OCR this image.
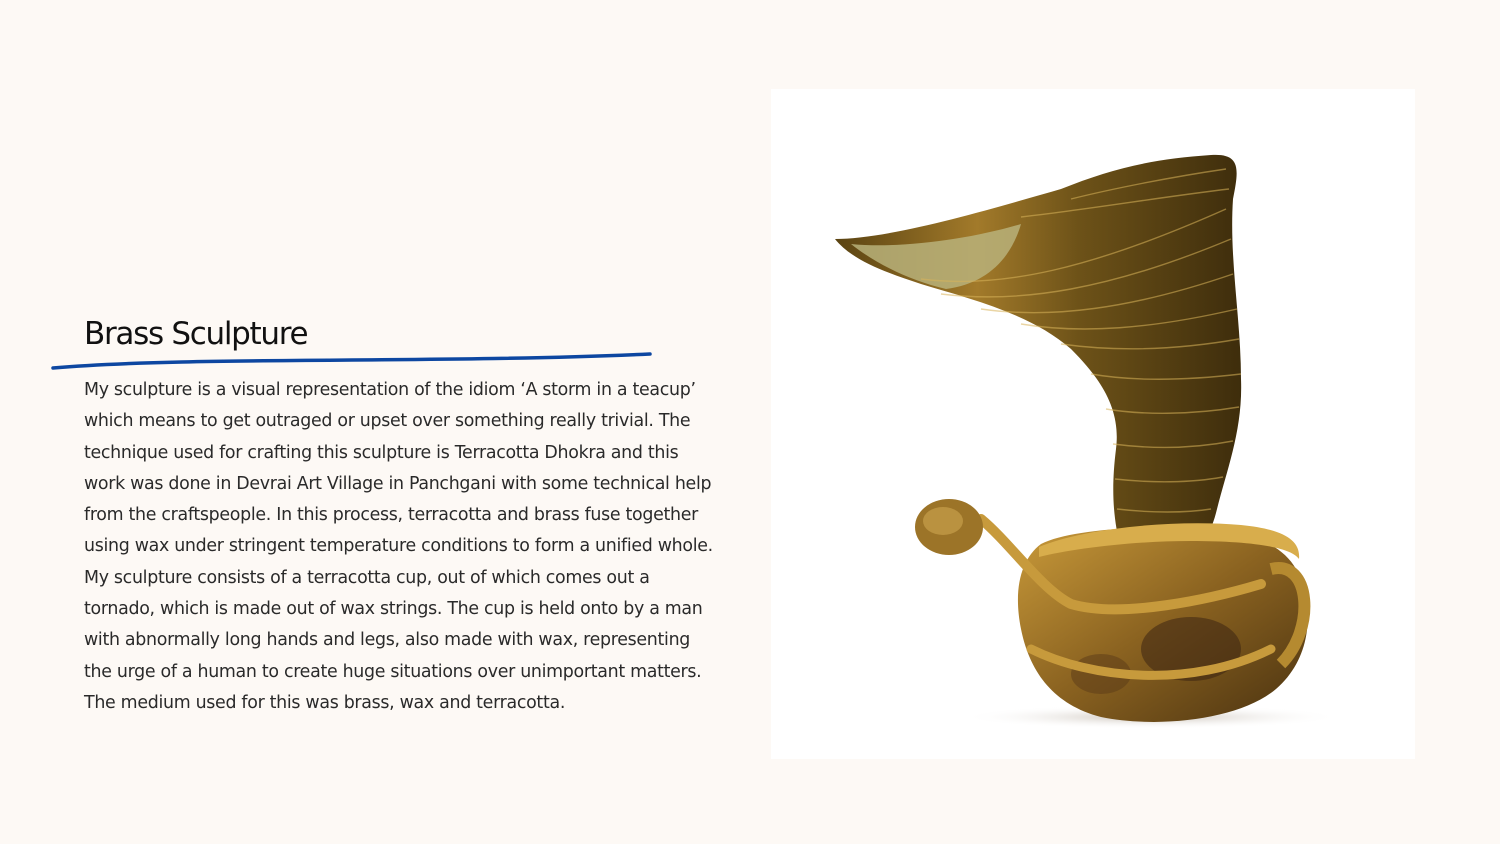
Brass Sculpture

My sculpture is a visual representation of the idiom ‘A storm in a teacup’ which means to get outraged or upset over something really trivial. The technique used for crafting this sculpture is Terracotta Dhokra and this work was done in Devrai Art Village in Panchgani with some technical help from the craftspeople. In this process, terracotta and brass fuse together using wax under stringent temperature conditions to form a unified whole. My sculpture consists of a terracotta cup, out of which comes out a tornado, which is made out of wax strings. The cup is held onto by a man with abnormally long hands and legs, also made with wax, representing the urge of a human to create huge situations over unimportant matters. The medium used for this was brass, wax and terracotta.
